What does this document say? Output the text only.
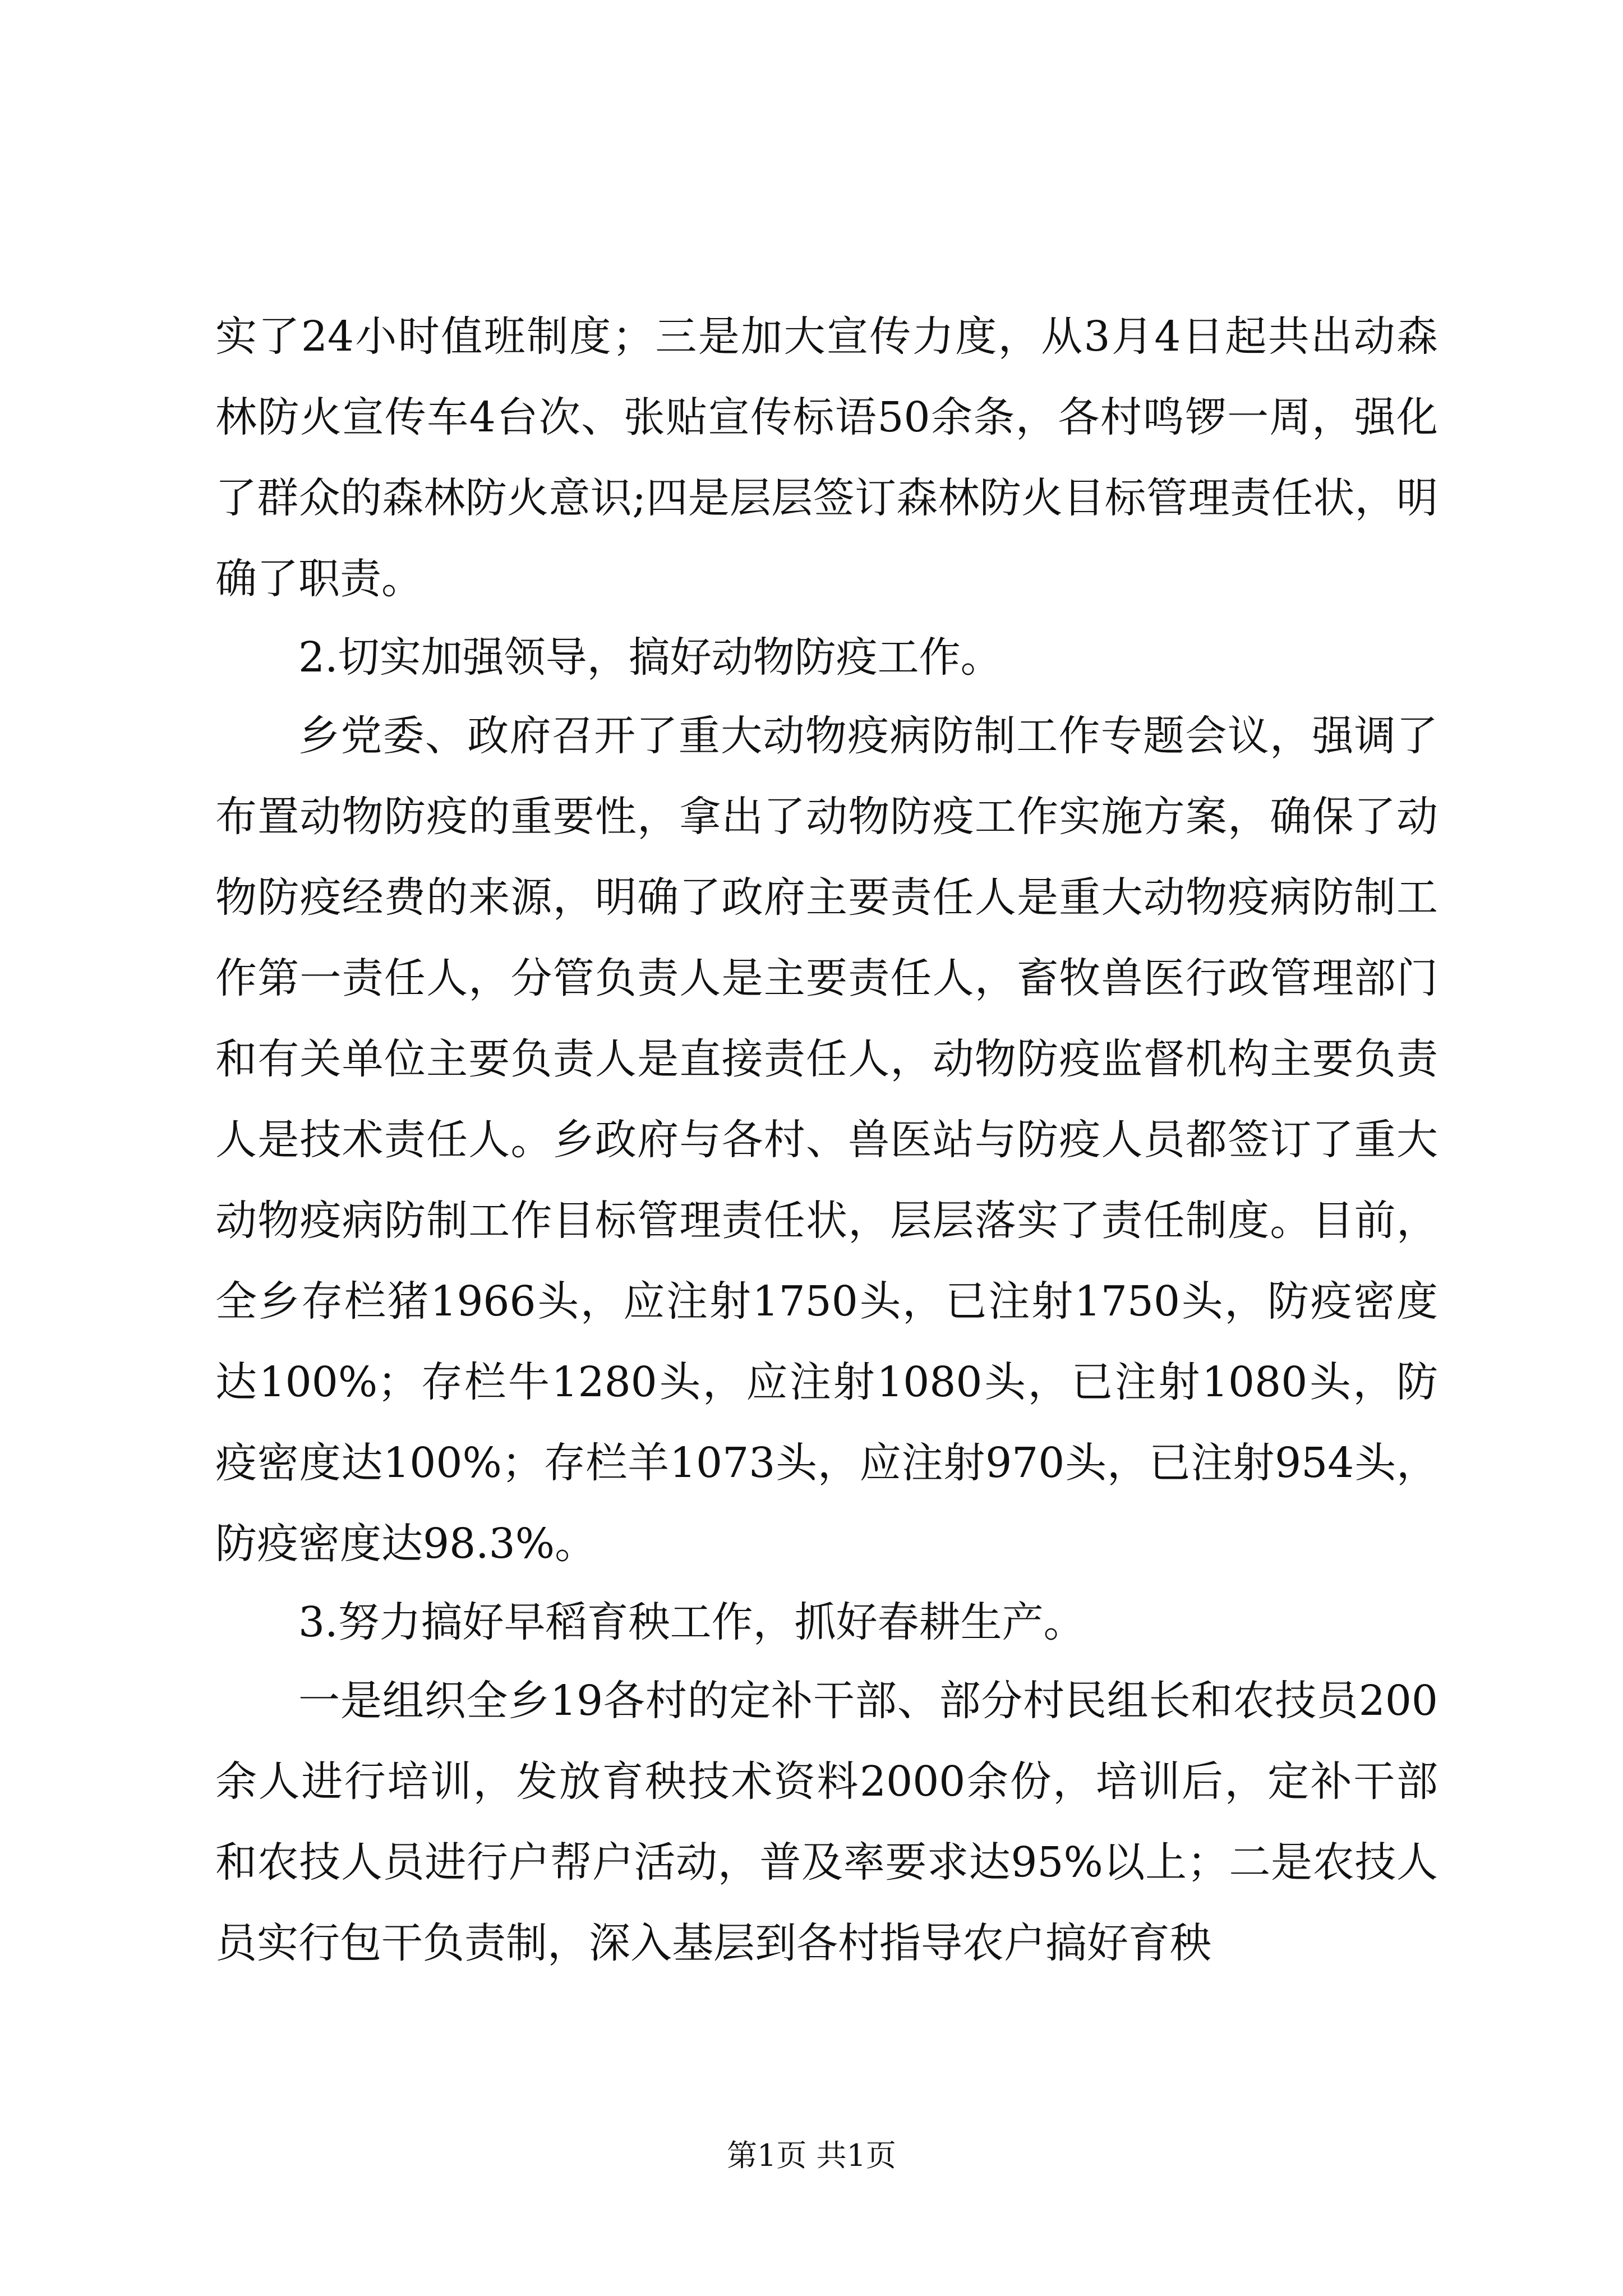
实了24小时值班制度；三是加大宣传力度，从3月4日起共出动森林防火宣传车4台次、张贴宣传标语50余条，各村鸣锣一周，强化了群众的森林防火意识;四是层层签订森林防火目标管理责任状，明确了职责。

2.切实加强领导，搞好动物防疫工作。

乡党委、政府召开了重大动物疫病防制工作专题会议，强调了布置动物防疫的重要性，拿出了动物防疫工作实施方案，确保了动物防疫经费的来源，明确了政府主要责任人是重大动物疫病防制工作第一责任人，分管负责人是主要责任人，畜牧兽医行政管理部门和有关单位主要负责人是直接责任人，动物防疫监督机构主要负责人是技术责任人。乡政府与各村、兽医站与防疫人员都签订了重大动物疫病防制工作目标管理责任状，层层落实了责任制度。目前，全乡存栏猪1966头，应注射1750头，已注射1750头，防疫密度达100%；存栏牛1280头，应注射1080头，已注射1080头，防疫密度达100%；存栏羊1073头，应注射970头，已注射954头，防疫密度达98.3%。

3.努力搞好早稻育秧工作，抓好春耕生产。

一是组织全乡19各村的定补干部、部分村民组长和农技员200余人进行培训，发放育秧技术资料2000余份，培训后，定补干部和农技人员进行户帮户活动，普及率要求达95%以上；二是农技人员实行包干负责制，深入基层到各村指导农户搞好育秧

第1页 共1页
